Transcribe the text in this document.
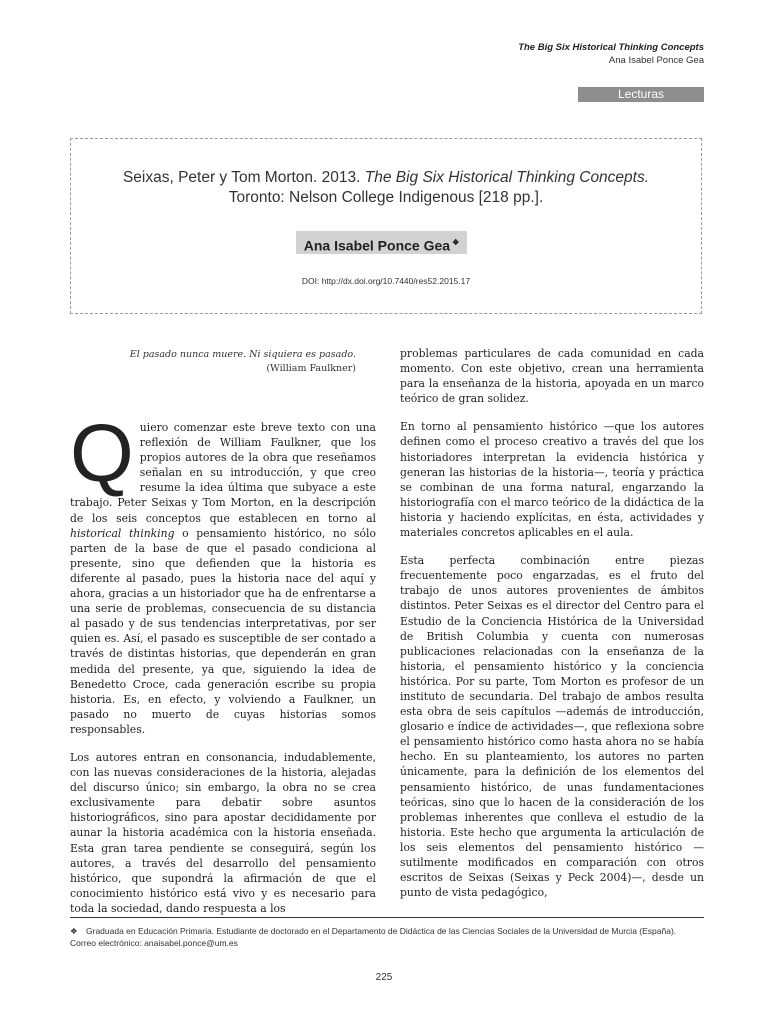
The Big Six Historical Thinking Concepts
Ana Isabel Ponce Gea
Lecturas
Seixas, Peter y Tom Morton. 2013. The Big Six Historical Thinking Concepts.
Toronto: Nelson College Indigenous [218 pp.].
Ana Isabel Ponce Gea ❖
DOI: http://dx.doi.org/10.7440/res52.2015.17
El pasado nunca muere. Ni siquiera es pasado.
(William Faulkner)

Quiero comenzar este breve texto con una reflexión de William Faulkner, que los propios autores de la obra que reseñamos señalan en su introducción, y que creo resume la idea última que subyace a este trabajo. Peter Seixas y Tom Morton, en la descripción de los seis conceptos que establecen en torno al historical thinking o pensamiento histórico, no sólo parten de la base de que el pasado condiciona al presente, sino que defienden que la historia es diferente al pasado, pues la historia nace del aquí y ahora, gracias a un historiador que ha de enfrentarse a una serie de problemas, consecuencia de su distancia al pasado y de sus tendencias interpretativas, por ser quien es. Así, el pasado es susceptible de ser contado a través de distintas historias, que dependerán en gran medida del presente, ya que, siguiendo la idea de Benedetto Croce, cada generación escribe su propia historia. Es, en efecto, y volviendo a Faulkner, un pasado no muerto de cuyas historias somos responsables.

Los autores entran en consonancia, indudablemente, con las nuevas consideraciones de la historia, alejadas del discurso único; sin embargo, la obra no se crea exclusivamente para debatir sobre asuntos historiográficos, sino para apostar decididamente por aunar la historia académica con la historia enseñada. Esta gran tarea pendiente se conseguirá, según los autores, a través del desarrollo del pensamiento histórico, que supondrá la afirmación de que el conocimiento histórico está vivo y es necesario para toda la sociedad, dando respuesta a los

problemas particulares de cada comunidad en cada momento. Con este objetivo, crean una herramienta para la enseñanza de la historia, apoyada en un marco teórico de gran solidez.

En torno al pensamiento histórico —que los autores definen como el proceso creativo a través del que los historiadores interpretan la evidencia histórica y generan las historias de la historia—, teoría y práctica se combinan de una forma natural, engarzando la historiografía con el marco teórico de la didáctica de la historia y haciendo explícitas, en ésta, actividades y materiales concretos aplicables en el aula.

Esta perfecta combinación entre piezas frecuentemente poco engarzadas, es el fruto del trabajo de unos autores provenientes de ámbitos distintos. Peter Seixas es el director del Centro para el Estudio de la Conciencia Histórica de la Universidad de British Columbia y cuenta con numerosas publicaciones relacionadas con la enseñanza de la historia, el pensamiento histórico y la conciencia histórica. Por su parte, Tom Morton es profesor de un instituto de secundaria. Del trabajo de ambos resulta esta obra de seis capítulos —además de introducción, glosario e índice de actividades—, que reflexiona sobre el pensamiento histórico como hasta ahora no se había hecho. En su planteamiento, los autores no parten únicamente, para la definición de los elementos del pensamiento histórico, de unas fundamentaciones teóricas, sino que lo hacen de la consideración de los problemas inherentes que conlleva el estudio de la historia. Este hecho que argumenta la articulación de los seis elementos del pensamiento histórico —sutilmente modificados en comparación con otros escritos de Seixas (Seixas y Peck 2004)—, desde un punto de vista pedagógico,

❖ Graduada en Educación Primaria. Estudiante de doctorado en el Departamento de Didáctica de las Ciencias Sociales de la Universidad de Murcia (España). Correo electrónico: anaisabel.ponce@um.es
225
